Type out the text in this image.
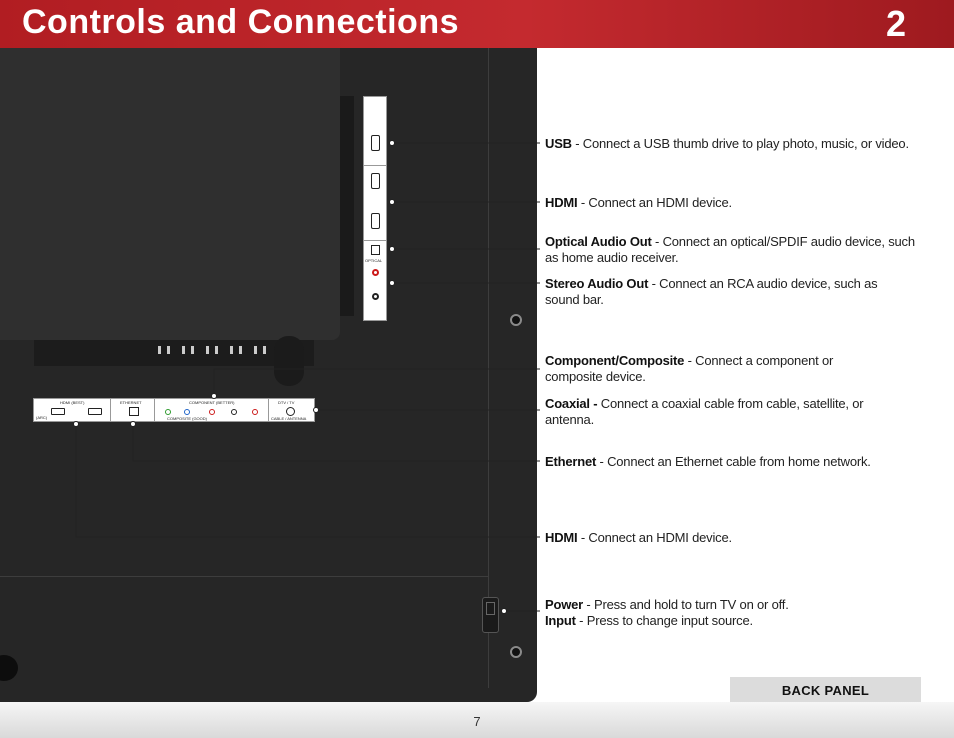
Controls and Connections	2
OPTICAL
HDMI (BEST)
(ARC)
ETHERNET	COMPONENT (BETTER)
COMPOSITE (GOOD)
DTV / TV
CABLE / ANTENNA
USB - Connect a USB thumb drive to play photo, music, or video.
HDMI - Connect an HDMI device.
Optical Audio Out - Connect an optical/SPDIF audio device, such as home audio receiver.
Stereo Audio Out - Connect an RCA audio device, such as sound bar.
Component/Composite - Connect a component or composite device.
Coaxial - Connect a coaxial cable from cable, satellite, or antenna.
Ethernet - Connect an Ethernet cable from home network.
HDMI - Connect an HDMI device.
Power - Press and hold to turn TV on or off.
Input - Press to change input source.
BACK PANEL
7
